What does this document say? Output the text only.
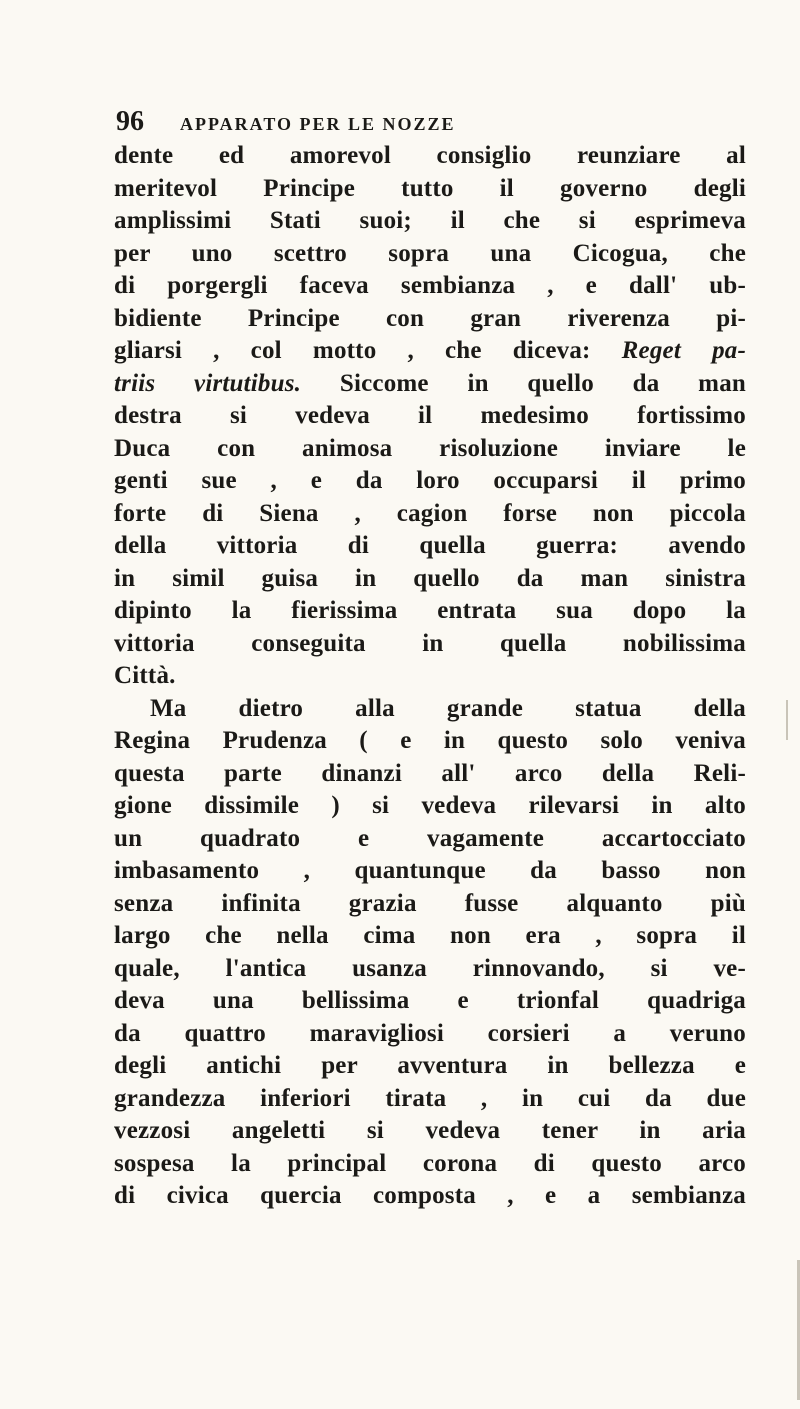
96 APPARATO PER LE NOZZE
dente ed amorevol consiglio reunziare al
meritevol Principe tutto il governo degli
amplissimi Stati suoi; il che si esprimeva
per uno scettro sopra una Cicogua, che
di porgergli faceva sembianza , e dall' ub-
bidiente Principe con gran riverenza pi-
gliarsi , col motto , che diceva: Reget pa-
triis virtutibus. Siccome in quello da man
destra si vedeva il medesimo fortissimo
Duca con animosa risoluzione inviare le
genti sue , e da loro occuparsi il primo
forte di Siena , cagion forse non piccola
della vittoria di quella guerra: avendo
in simil guisa in quello da man sinistra
dipinto la fierissima entrata sua dopo la
vittoria conseguita in quella nobilissima
Città.
Ma dietro alla grande statua della
Regina Prudenza ( e in questo solo veniva
questa parte dinanzi all' arco della Reli-
gione dissimile ) si vedeva rilevarsi in alto
un quadrato e vagamente accartocciato
imbasamento , quantunque da basso non
senza infinita grazia fusse alquanto più
largo che nella cima non era , sopra il
quale, l'antica usanza rinnovando, si ve-
deva una bellissima e trionfal quadriga
da quattro maravigliosi corsieri a veruno
degli antichi per avventura in bellezza e
grandezza inferiori tirata , in cui da due
vezzosi angeletti si vedeva tener in aria
sospesa la principal corona di questo arco
di civica quercia composta , e a sembianza
